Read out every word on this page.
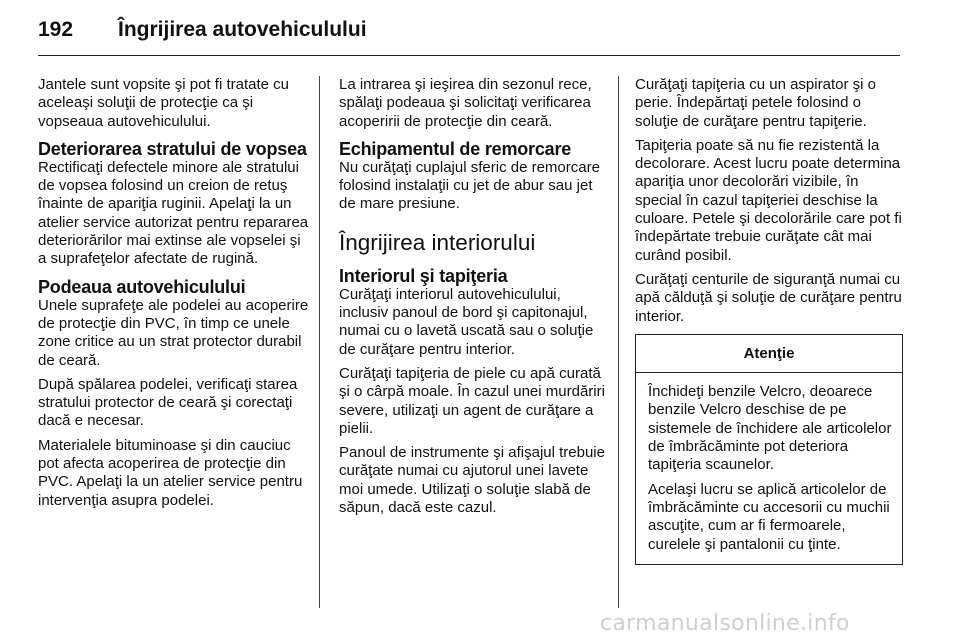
192 Îngrijirea autovehiculului

Jantele sunt vopsite şi pot fi tratate cu aceleaşi soluţii de protecţie ca şi vopseaua autovehiculului.

Deteriorarea stratului de vopsea

Rectificaţi defectele minore ale stratului de vopsea folosind un creion de retuş înainte de apariţia ruginii. Apelaţi la un atelier service autorizat pentru repararea deteriorărilor mai extinse ale vopselei şi a suprafeţelor afectate de rugină.

Podeaua autovehiculului

Unele suprafeţe ale podelei au acoperire de protecţie din PVC, în timp ce unele zone critice au un strat protector durabil de ceară.

După spălarea podelei, verificaţi starea stratului protector de ceară şi corectaţi dacă e necesar.

Materialele bituminoase şi din cauciuc pot afecta acoperirea de protecţie din PVC. Apelaţi la un atelier service pentru intervenţia asupra podelei.

La intrarea şi ieşirea din sezonul rece, spălaţi podeaua şi solicitaţi verificarea acoperirii de protecţie din ceară.

Echipamentul de remorcare

Nu curăţaţi cuplajul sferic de remorcare folosind instalaţii cu jet de abur sau jet de mare presiune.

Îngrijirea interiorului
Interiorul şi tapiţeria

Curăţaţi interiorul autovehiculului, inclusiv panoul de bord şi capitonajul, numai cu o lavetă uscată sau o soluţie de curăţare pentru interior.

Curăţaţi tapiţeria de piele cu apă curată şi o cârpă moale. În cazul unei murdăriri severe, utilizaţi un agent de curăţare a pielii.

Panoul de instrumente şi afişajul trebuie curăţate numai cu ajutorul unei lavete moi umede. Utilizaţi o soluţie slabă de săpun, dacă este cazul.

Curăţaţi tapiţeria cu un aspirator şi o perie. Îndepărtaţi petele folosind o soluţie de curăţare pentru tapiţerie.

Tapiţeria poate să nu fie rezistentă la decolorare. Acest lucru poate determina apariţia unor decolorări vizibile, în special în cazul tapiţeriei deschise la culoare. Petele şi decolorările care pot fi îndepărtate trebuie curăţate cât mai curând posibil.

Curăţaţi centurile de siguranţă numai cu apă călduţă şi soluţie de curăţare pentru interior.

Atenţie

Închideţi benzile Velcro, deoarece benzile Velcro deschise de pe sistemele de închidere ale articolelor de îmbrăcăminte pot deteriora tapiţeria scaunelor.

Acelaşi lucru se aplică articolelor de îmbrăcăminte cu accesorii cu muchii ascuţite, cum ar fi fermoarele, curelele şi pantalonii cu ţinte.

carmanualsonline.info
